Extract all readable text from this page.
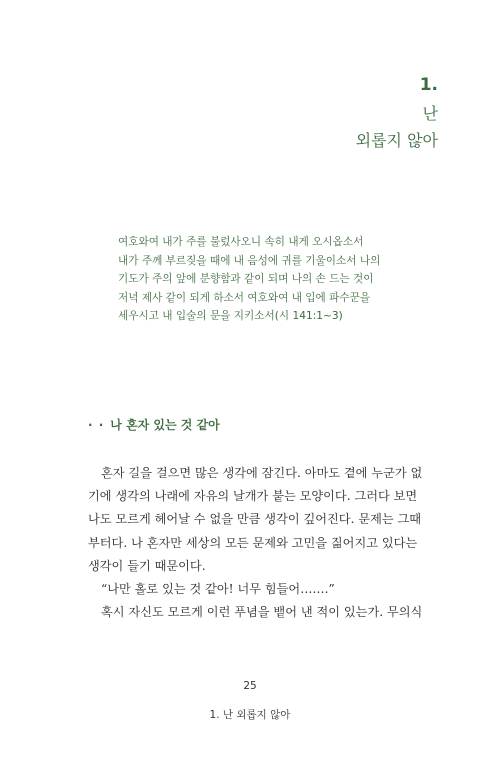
1.
난
외롭지 않아
여호와여 내가 주를 불렀사오니 속히 내게 오시옵소서
내가 주께 부르짖을 때에 내 음성에 귀를 기울이소서 나의
기도가 주의 앞에 분향함과 같이 되며 나의 손 드는 것이
저녁 제사 같이 되게 하소서 여호와여 내 입에 파수꾼을
세우시고 내 입술의 문을 지키소서(시 141:1~3)
· · 나 혼자 있는 것 같아
혼자 길을 걸으면 많은 생각에 잠긴다. 아마도 곁에 누군가 없
기에 생각의 나래에 자유의 날개가 붙는 모양이다. 그러다 보면
나도 모르게 헤어날 수 없을 만큼 생각이 깊어진다. 문제는 그때
부터다. 나 혼자만 세상의 모든 문제와 고민을 짊어지고 있다는
생각이 들기 때문이다.
“나만 홀로 있는 것 같아! 너무 힘들어…….”
혹시 자신도 모르게 이런 푸념을 뱉어 낸 적이 있는가. 무의식
25
1. 난 외롭지 않아
